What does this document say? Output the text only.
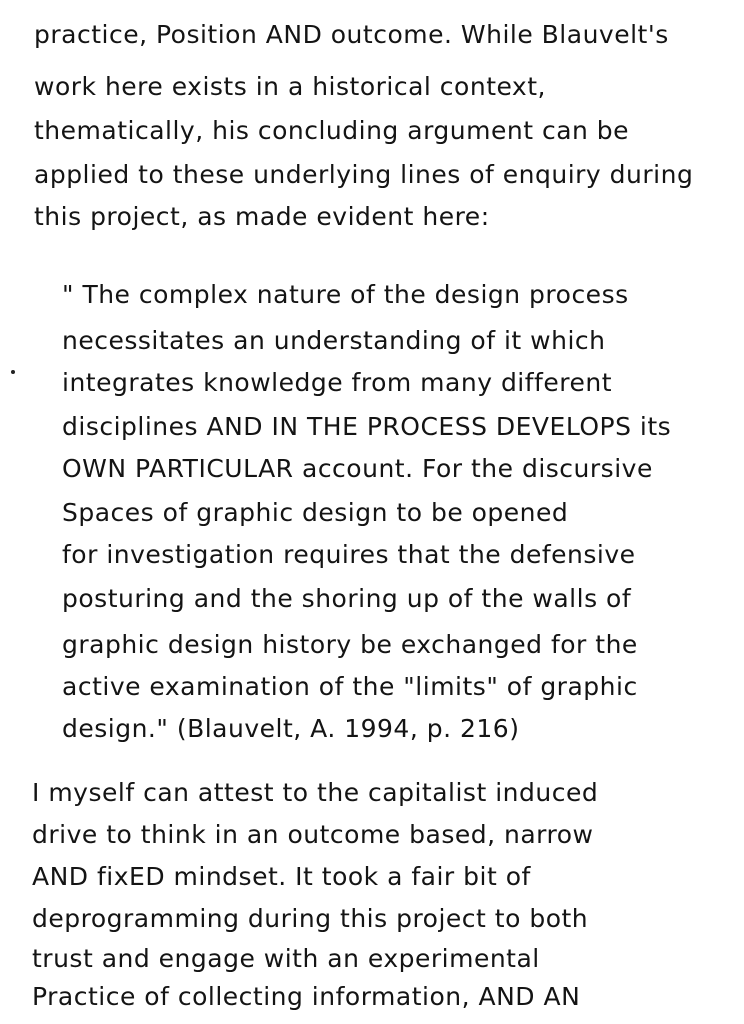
practice, Position AND outcome. While Blauvelt's
work here exists in a historical context,
thematically, his concluding argument can be
applied to these underlying lines of enquiry during
this project, as made evident here:
" The complex nature of the design process
necessitates an understanding of it which
integrates knowledge from many different
disciplines AND IN THE PROCESS DEVELOPS its
OWN PARTICULAR account. For the discursive
Spaces of graphic design to be opened
for investigation requires that the defensive
posturing and the shoring up of the walls of
graphic design history be exchanged for the
active examination of the "limits" of graphic
design." (Blauvelt, A. 1994, p. 216)
I myself can attest to the capitalist induced
drive to think in an outcome based, narrow
AND fixED mindset. It took a fair bit of
deprogramming during this project to both
trust and engage with an experimental
Practice of collecting information, AND AN
